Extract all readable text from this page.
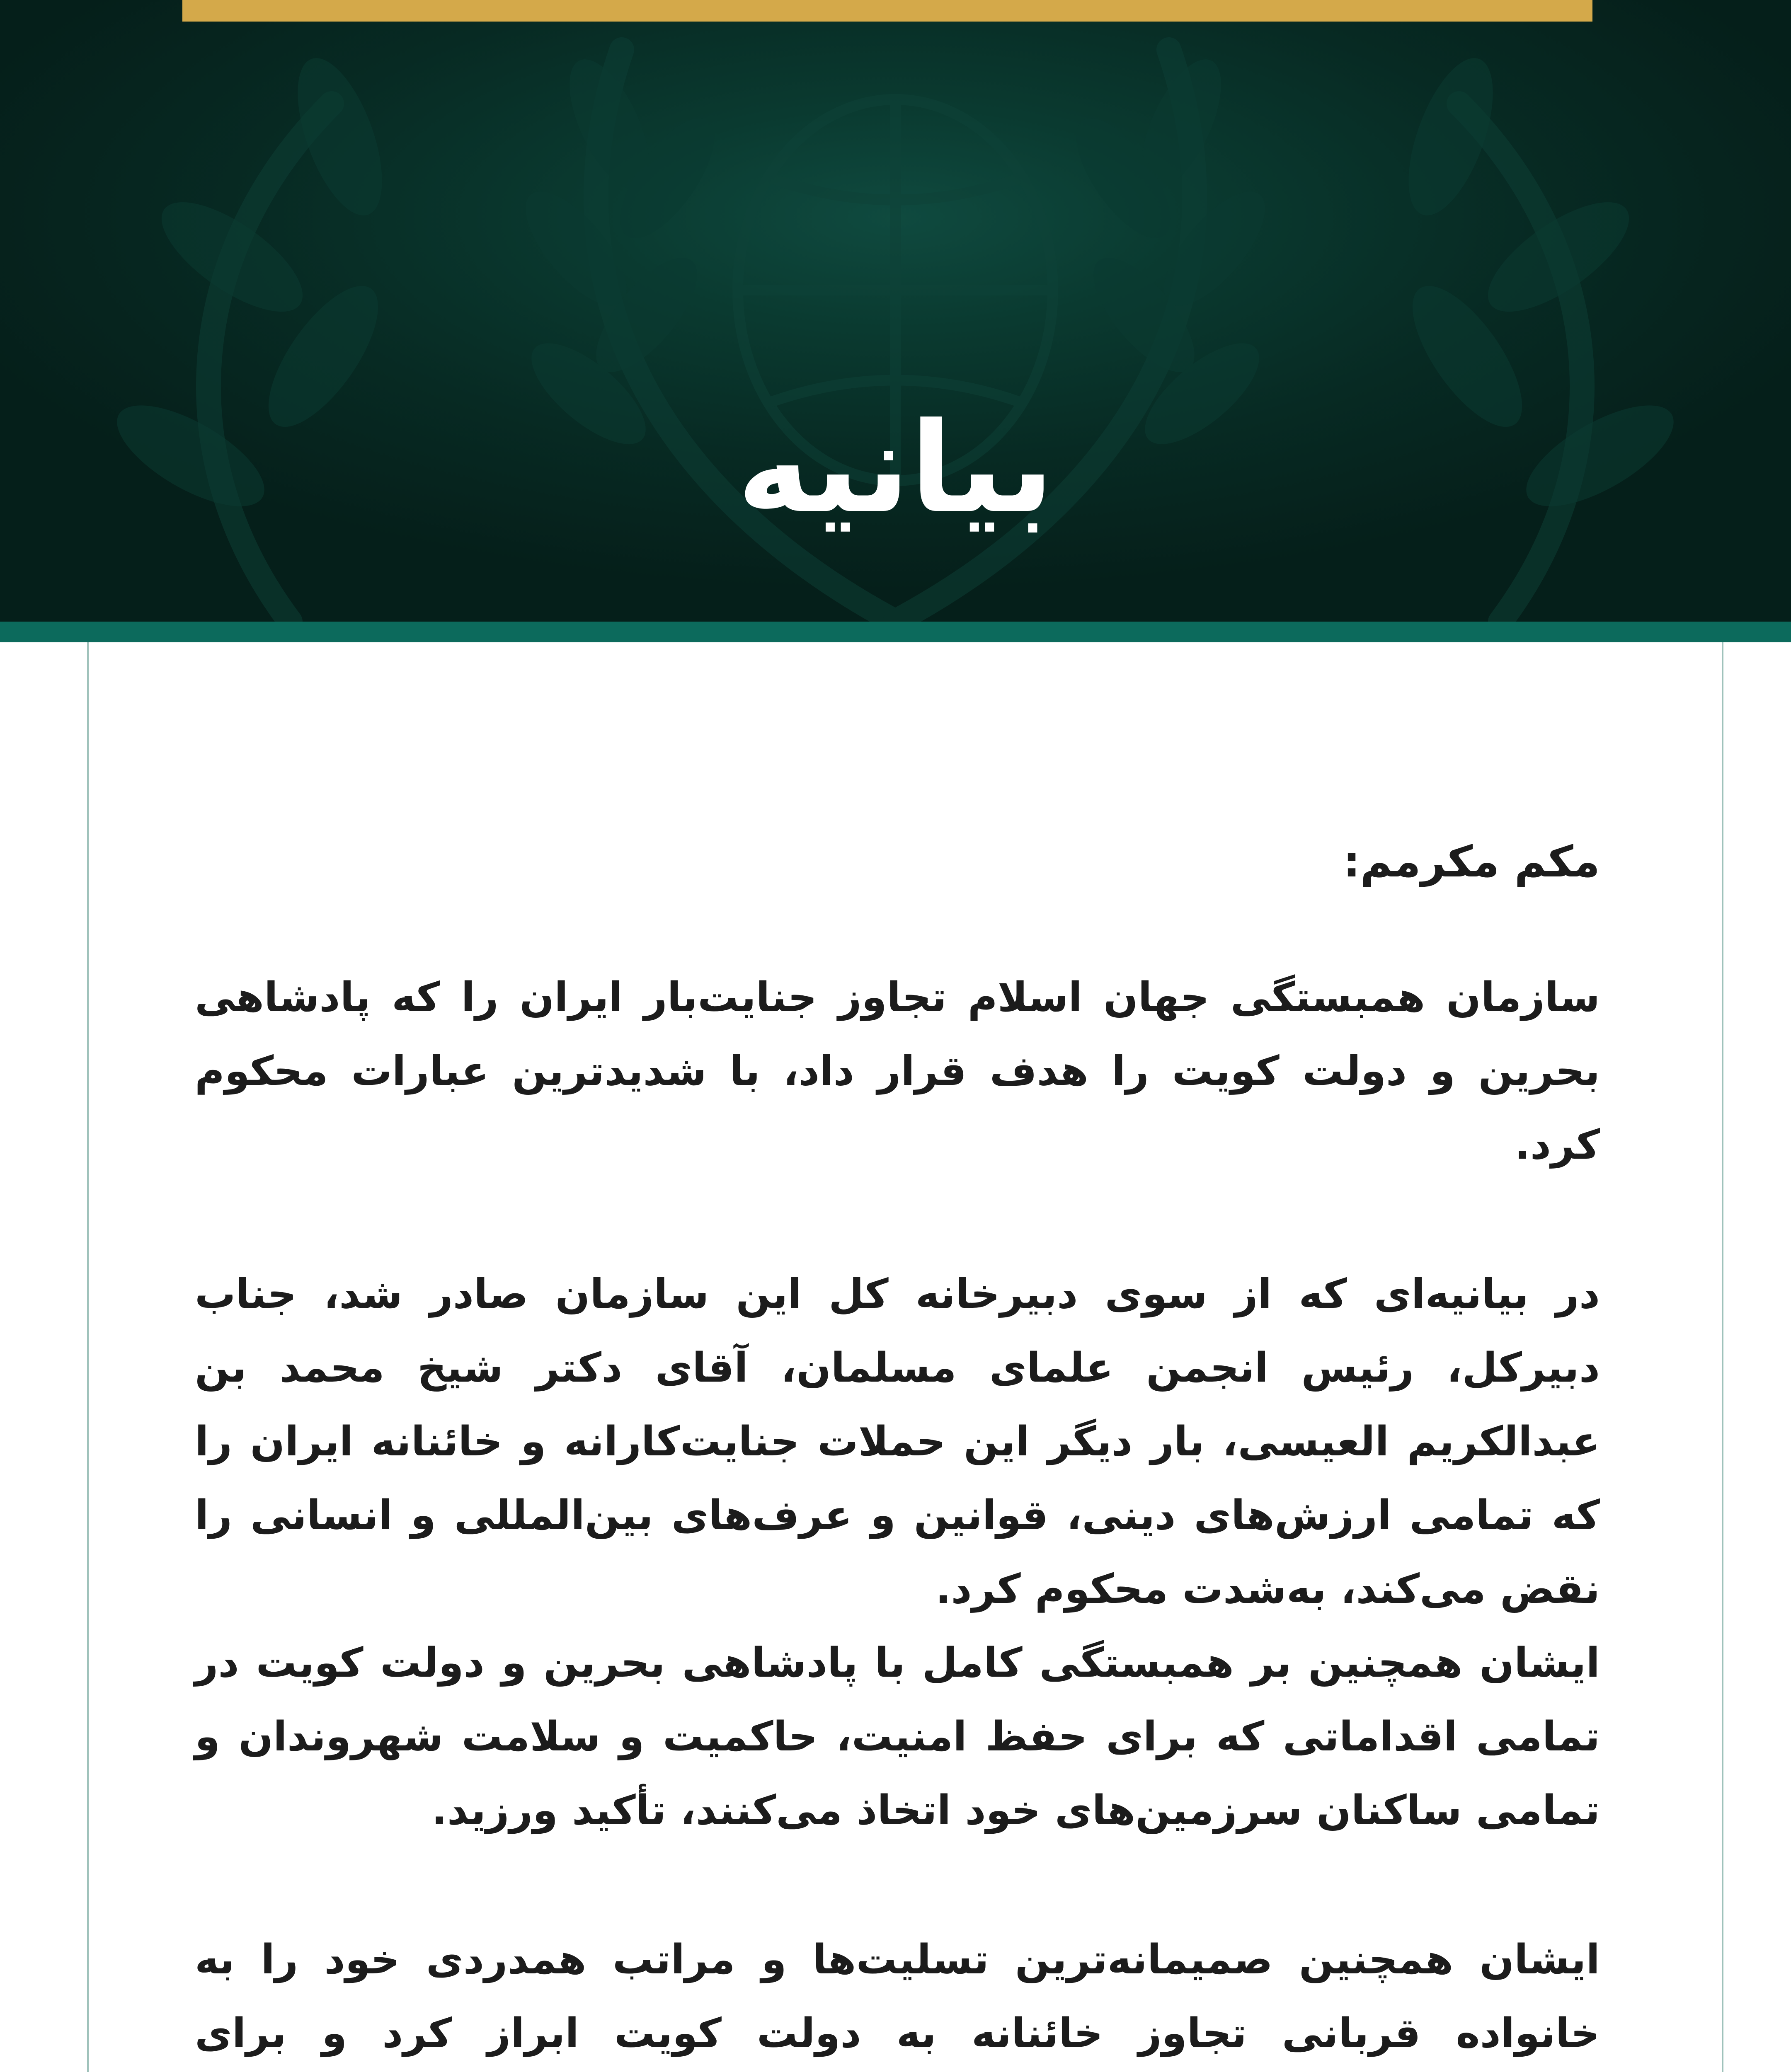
بیانیه

مکم مکرمم:

سازمان همبستگی جهان اسلام تجاوز جنایت‌بار ایران را که پادشاهی بحرین و دولت کویت را هدف قرار داد، با شدیدترین عبارات محکوم کرد.

در بیانیه‌ای که از سوی دبیرخانه کل این سازمان صادر شد، جناب دبیرکل، رئیس انجمن علمای مسلمان، آقای دکتر شیخ محمد بن عبدالکریم العیسی، بار دیگر این حملات جنایت‌کارانه و خائنانه ایران را که تمامی ارزش‌های دینی، قوانین و عرف‌های بین‌المللی و انسانی را نقض می‌کند، به‌شدت محکوم کرد.

ایشان همچنین بر همبستگی کامل با پادشاهی بحرین و دولت کویت در تمامی اقداماتی که برای حفظ امنیت، حاکمیت و سلامت شهروندان و تمامی ساکنان سرزمین‌های خود اتخاذ می‌کنند، تأکید ورزید.

ایشان همچنین صمیمانه‌ترین تسلیت‌ها و مراتب همدردی خود را به خانواده قربانی تجاوز خائنانه به دولت کویت ابراز کرد و برای
